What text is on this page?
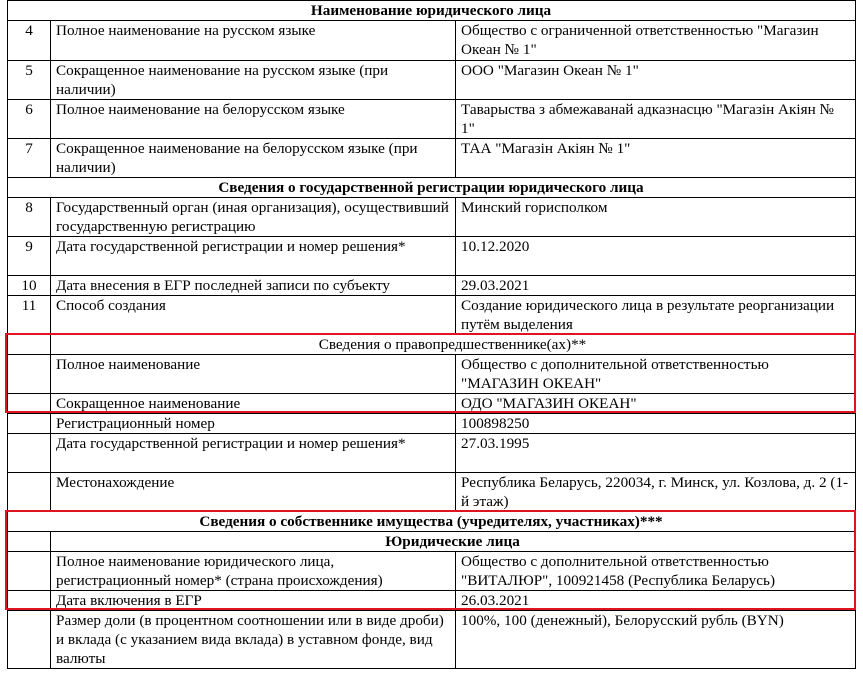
Наименование юридического лица		
4	Полное наименование на русском языке	Общество с ограниченной ответственностью "Магазин Океан № 1"
5	Сокращенное наименование на русском языке (при наличии)	ООО "Магазин Океан № 1"
6	Полное наименование на белорусском языке	Таварыства з абмежаванай адказнасцю "Магазін Акіян № 1"
7	Сокращенное наименование на белорусском языке (при наличии)	ТАА "Магазін Акіян № 1"
Сведения о государственной регистрации юридического лица		
8	Государственный орган (иная организация), осуществивший государственную регистрацию	Минский горисполком
9	Дата государственной регистрации и номер решения*	10.12.2020
10	Дата внесения в ЕГР последней записи по субъекту	29.03.2021
11	Способ создания	Создание юридического лица в результате реорганизации путём выделения
	Сведения о правопредшественнике(ах)**	
	Полное наименование	Общество с дополнительной ответственностью "МАГАЗИН ОКЕАН"
	Сокращенное наименование	ОДО "МАГАЗИН ОКЕАН"
	Регистрационный номер	100898250
	Дата государственной регистрации и номер решения*	27.03.1995
	Местонахождение	Республика Беларусь, 220034, г. Минск, ул. Козлова, д. 2 (1-й этаж)
Сведения о собственнике имущества (учредителях, участниках)***		
	Юридические лица	
	Полное наименование юридического лица, регистрационный номер* (страна происхождения)	Общество с дополнительной ответственностью "ВИТАЛЮР", 100921458 (Республика Беларусь)
	Дата включения в ЕГР	26.03.2021
	Размер доли (в процентном соотношении или в виде дроби) и вклада (с указанием вида вклада) в уставном фонде, вид валюты	100%, 100 (денежный), Белорусский рубль (BYN)
